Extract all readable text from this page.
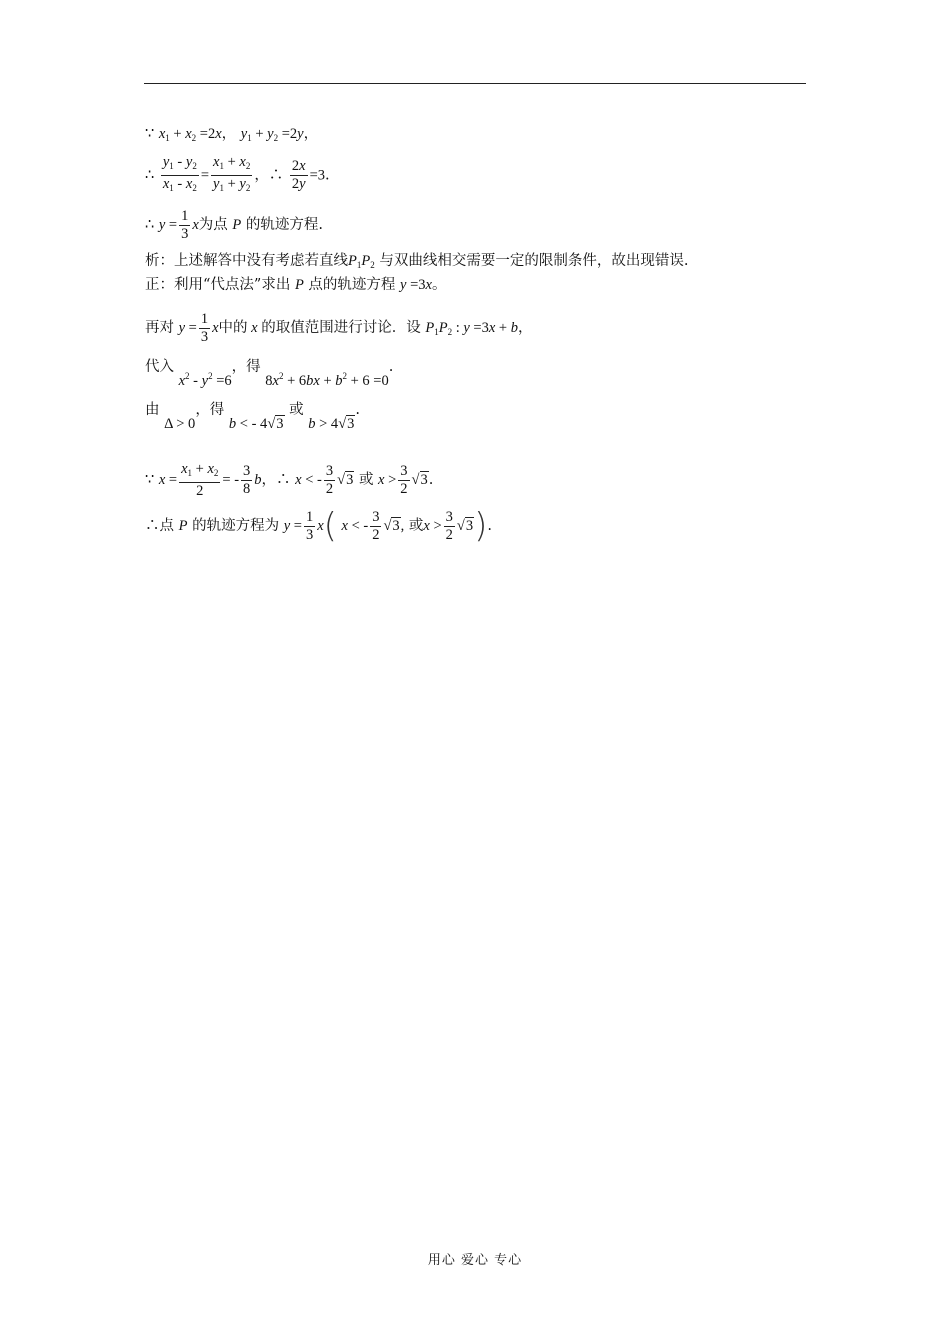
∵ $x_1 + x_2 =2x$， $y_1 + y_2 =2y$，
∴ $\frac{y_1 - y_2}{x_1 - x_2} = \frac{x_1 + x_2}{y_1 + y_2}$ ，∴ $\frac{2x}{2y} =3$.
∴ $y = \frac{1}{3}$ x为点 P 的轨迹方程.
析：上述解答中没有考虑若直线$P_1P_2$ 与双曲线相交需要一定的限制条件，故出现错误.
正：利用“代点法”求出 P 点的轨迹方程 y =3x。
再对 $y = \frac{1}{3}$ x中的 x 的取值范围进行讨论．设 $P_1P_2$ : y =3x + b，
代入 $x^2 - y^2 =6$，得 $8x^2 + 6bx + b^2 + 6 =0$.
由 Δ > 0，得 b < - 4√3 或 b > 4√3.
∵ $x = \frac{x_1 + x_2}{2}$ = - $\frac{3}{8}$ b，∴ x < - $\frac{3}{2} √3$ 或 $x > \frac{3}{2} √3$.
∴点 P 的轨迹方程为 $y = \frac{1}{3} x$( x < - $\frac{3}{2} √3$, 或$x > \frac{3}{2} √3$).
用心 爱心 专心
